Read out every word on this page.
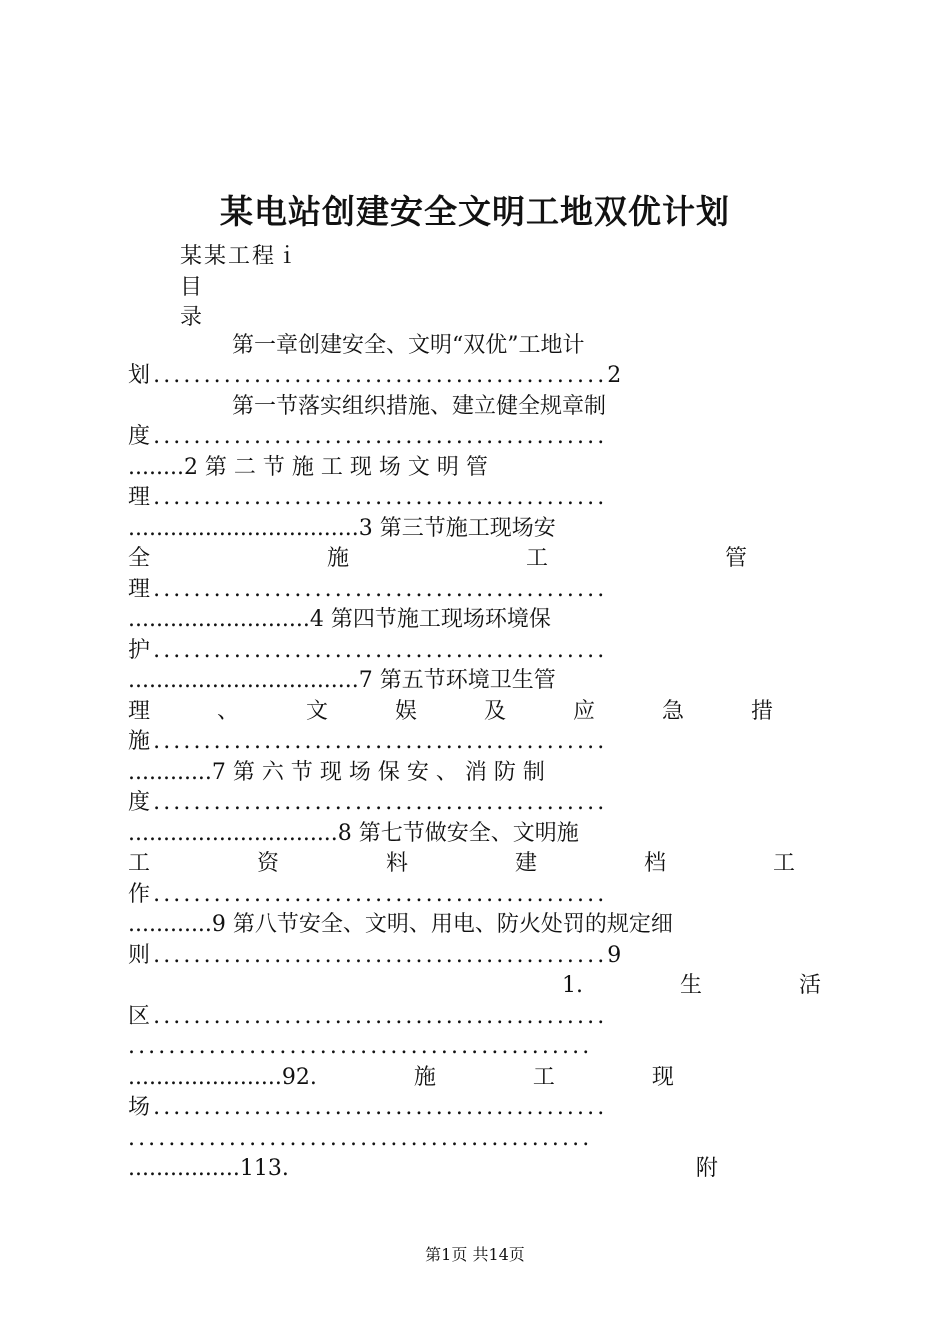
某电站创建安全文明工地双优计划
某某工程ｉ
目
录
第一章创建安全、文明“双优”工地计
划.............................................2
第一节落实组织措施、建立健全规章制
度.............................................
........2 第 二 节 施 工 现 场 文 明 管
理.............................................
.................................3 第三节施工现场安
全 施 工 管
理.............................................
..........................4 第四节施工现场环境保
护.............................................
.................................7 第五节环境卫生管
理 、 文 娱 及 应 急 措
施.............................................
............7 第 六 节 现 场 保 安 、 消 防 制
度.............................................
..............................8 第七节做安全、文明施
工 资 料 建 档 工
作.............................................
............9 第八节安全、文明、用电、防火处罚的规定细
则.............................................9
1. 生 活
区.............................................
..............................................
......................92. 施 工 现
场.............................................
..............................................
................113. 附
第1页 共14页
